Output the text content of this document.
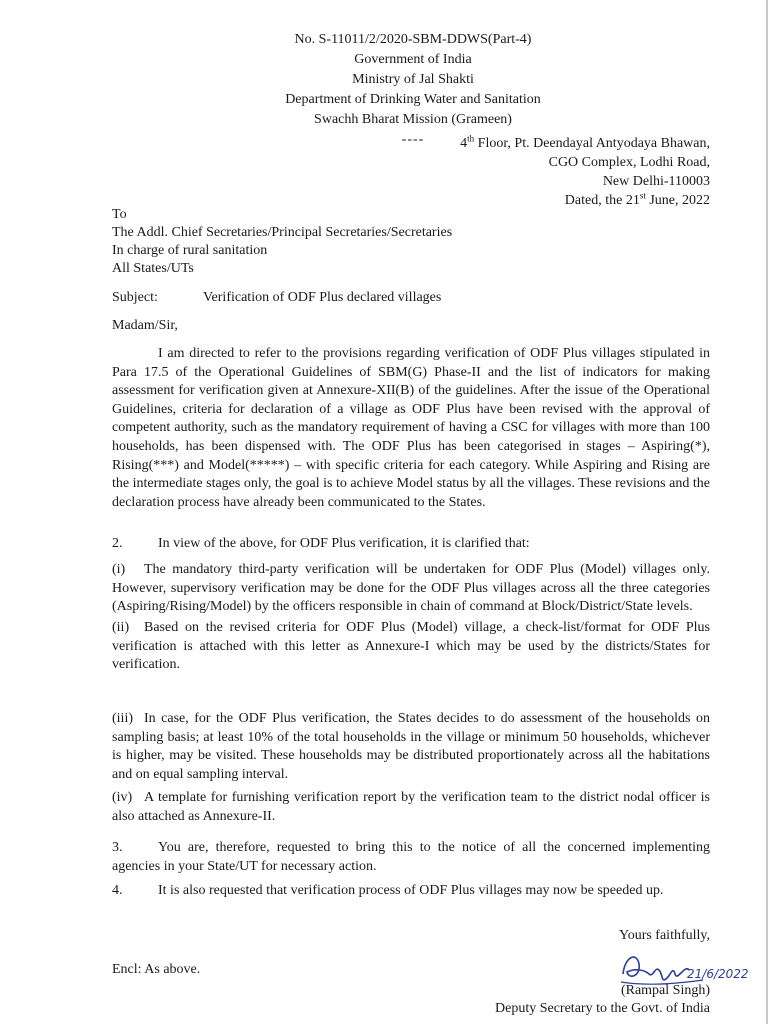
No. S-11011/2/2020-SBM-DDWS(Part-4)
Government of India
Ministry of Jal Shakti
Department of Drinking Water and Sanitation
Swachh Bharat Mission (Grameen)
----	4th Floor, Pt. Deendayal Antyodaya Bhawan,
CGO Complex, Lodhi Road,
New Delhi-110003
Dated, the 21st June, 2022
To
The Addl. Chief Secretaries/Principal Secretaries/Secretaries
In charge of rural sanitation
All States/UTs
Subject:	Verification of ODF Plus declared villages
Madam/Sir,
I am directed to refer to the provisions regarding verification of ODF Plus villages stipulated in Para 17.5 of the Operational Guidelines of SBM(G) Phase-II and the list of indicators for making assessment for verification given at Annexure-XII(B) of the guidelines. After the issue of the Operational Guidelines, criteria for declaration of a village as ODF Plus have been revised with the approval of competent authority, such as the mandatory requirement of having a CSC for villages with more than 100 households, has been dispensed with. The ODF Plus has been categorised in stages – Aspiring(*), Rising(***) and Model(*****) – with specific criteria for each category. While Aspiring and Rising are the intermediate stages only, the goal is to achieve Model status by all the villages. These revisions and the declaration process have already been communicated to the States.
2.	In view of the above, for ODF Plus verification, it is clarified that:
(i) The mandatory third-party verification will be undertaken for ODF Plus (Model) villages only. However, supervisory verification may be done for the ODF Plus villages across all the three categories (Aspiring/Rising/Model) by the officers responsible in chain of command at Block/District/State levels.
(ii) Based on the revised criteria for ODF Plus (Model) village, a check-list/format for ODF Plus verification is attached with this letter as Annexure-I which may be used by the districts/States for verification.
(iii) In case, for the ODF Plus verification, the States decides to do assessment of the households on sampling basis; at least 10% of the total households in the village or minimum 50 households, whichever is higher, may be visited. These households may be distributed proportionately across all the habitations and on equal sampling interval.
(iv) A template for furnishing verification report by the verification team to the district nodal officer is also attached as Annexure-II.
3.	You are, therefore, requested to bring this to the notice of all the concerned implementing agencies in your State/UT for necessary action.
4.	It is also requested that verification process of ODF Plus villages may now be speeded up.
Yours faithfully,
21/6/2022
Encl: As above.
(Rampal Singh)
Deputy Secretary to the Govt. of India
